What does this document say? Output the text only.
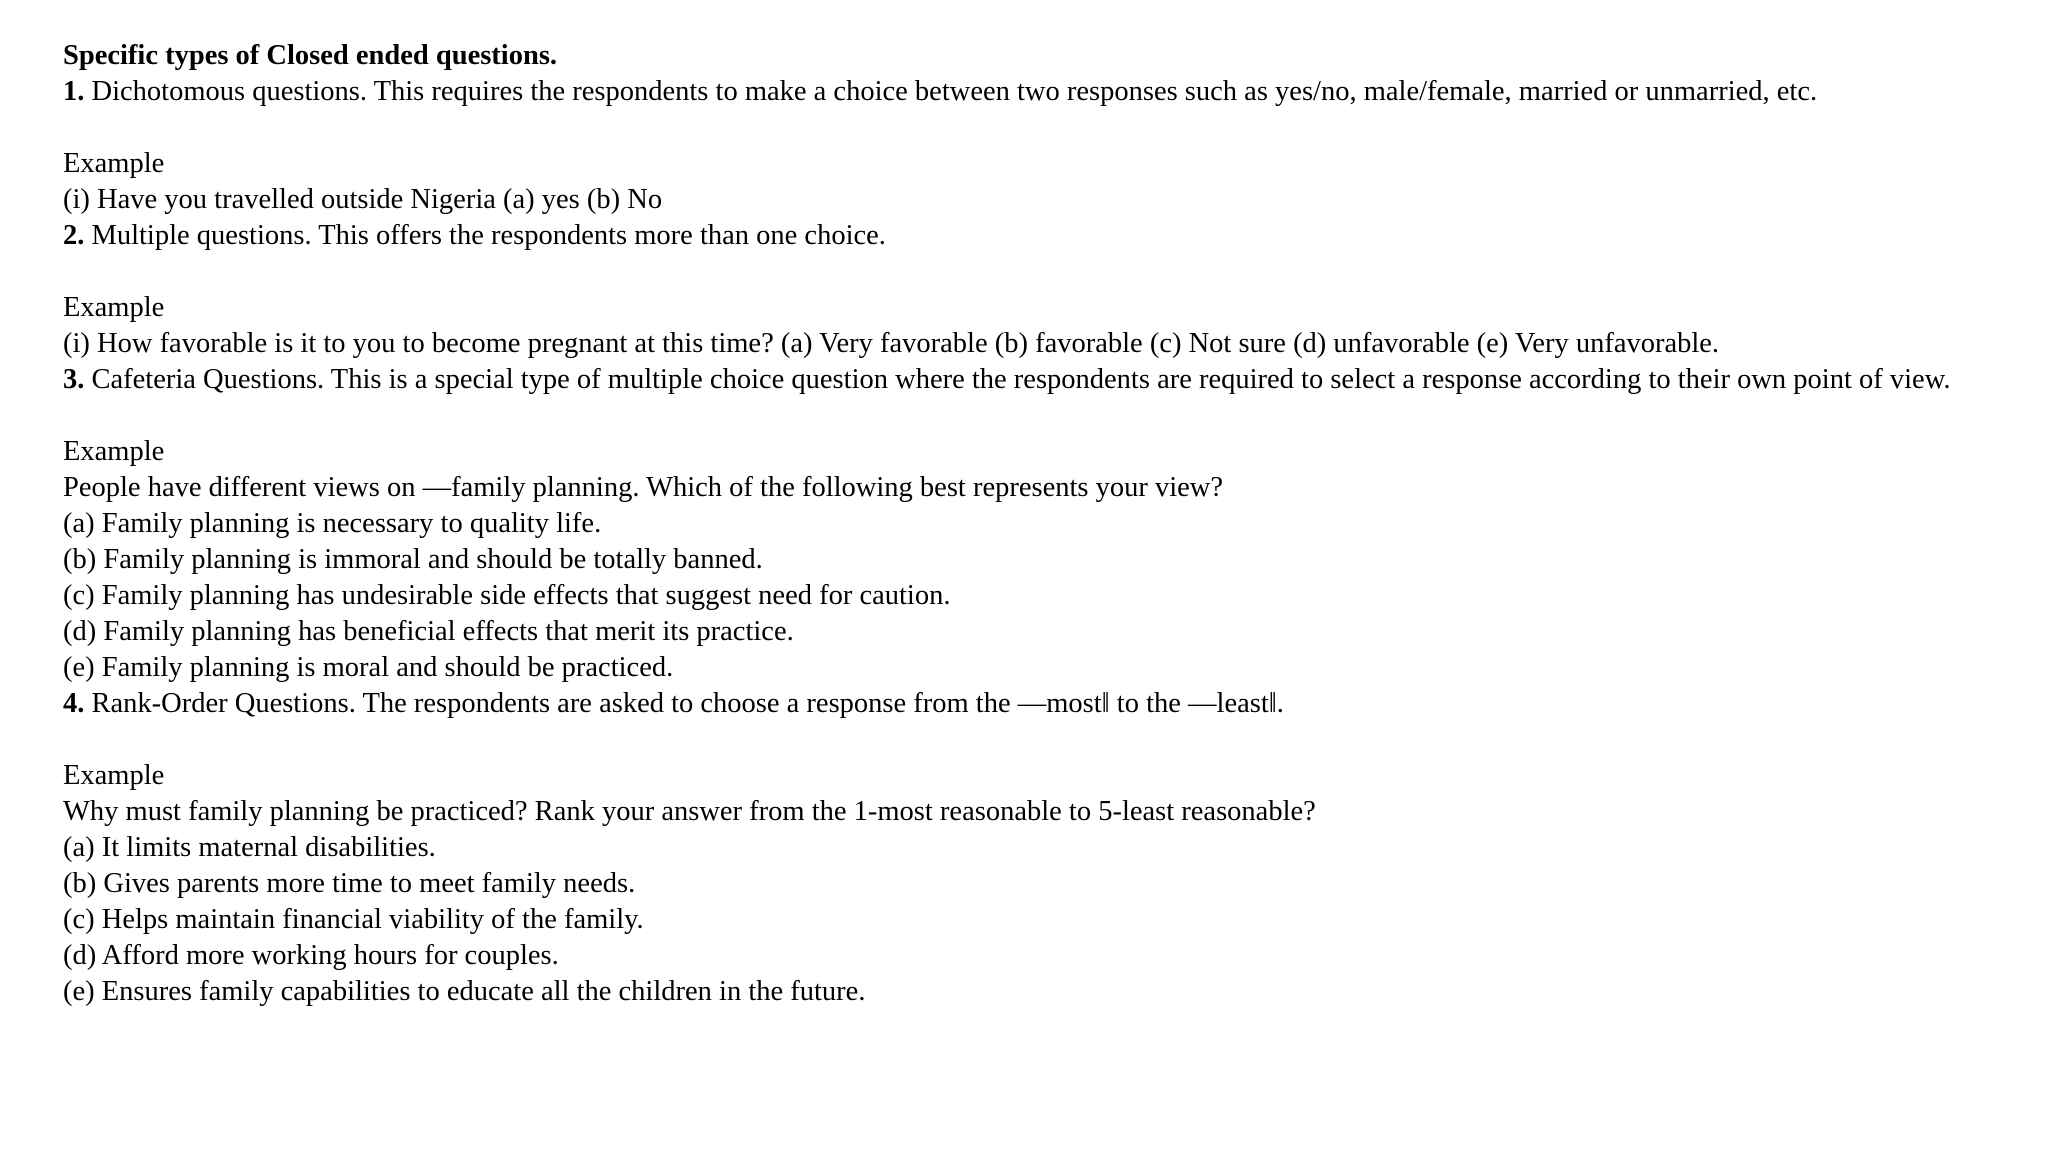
Specific types of Closed ended questions.

1. Dichotomous questions. This requires the respondents to make a choice between two responses such as yes/no, male/female, married or unmarried, etc.

Example

(i) Have you travelled outside Nigeria (a) yes (b) No

2. Multiple questions. This offers the respondents more than one choice.

Example

(i) How favorable is it to you to become pregnant at this time? (a) Very favorable (b) favorable (c) Not sure (d) unfavorable (e) Very unfavorable.

3. Cafeteria Questions. This is a special type of multiple choice question where the respondents are required to select a response according to their own point of view.

Example

People have different views on —family planning. Which of the following best represents your view?

(a) Family planning is necessary to quality life.

(b) Family planning is immoral and should be totally banned.

(c) Family planning has undesirable side effects that suggest need for caution.

(d) Family planning has beneficial effects that merit its practice.

(e) Family planning is moral and should be practiced.

4. Rank-Order Questions. The respondents are asked to choose a response from the —most‖ to the —least‖.

Example

Why must family planning be practiced? Rank your answer from the 1-most reasonable to 5-least reasonable?

(a) It limits maternal disabilities.

(b) Gives parents more time to meet family needs.

(c) Helps maintain financial viability of the family.

(d) Afford more working hours for couples.

(e) Ensures family capabilities to educate all the children in the future.
